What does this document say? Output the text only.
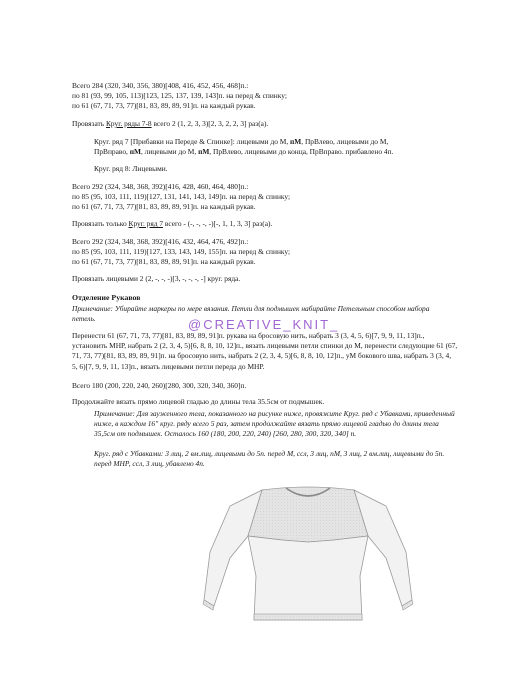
Всего 284 (320, 340, 356, 380)[408, 416, 452, 456, 468]п.:

по 81 (93, 99, 105, 113)[123, 125, 137, 139, 143]п. на перед & спинку;

по 61 (67, 71, 73, 77)[81, 83, 89, 89, 91]п. на каждый рукав.

Провязать Круг. ряды 7-8 всего 2 (1, 2, 3, 3)[2, 3, 2, 2, 3] раз(а).

Круг. ряд 7 [Прибавки на Переде & Спинке]: лицевыми до М, пМ, ПрВлево, лицевыми до М,
ПрВправо, пМ, лицевыми до М, пМ, ПрВлево, лицевыми до конца, ПрВправо. прибавлено 4п.

Круг. ряд 8: Лицевыми.

Всего 292 (324, 348, 368, 392)[416, 428, 460, 464, 480]п.:

по 85 (95, 103, 111, 119)[127, 131, 141, 143, 149]п. на перед & спинку;

по 61 (67, 71, 73, 77)[81, 83, 89, 89, 91]п. на каждый рукав.

Провязать только Круг. ряд 7 всего - (-, -, -, -)[-, 1, 1, 3, 3] раз(а).

Всего 292 (324, 348, 368, 392)[416, 432, 464, 476, 492]п.:

по 85 (95, 103, 111, 119)[127, 133, 143, 149, 155]п. на перед & спинку;

по 61 (67, 71, 73, 77)[81, 83, 89, 89, 91]п. на каждый рукав.

Провязать лицевыми 2 (2, -, -, -)[3, -, -, -, -] круг. ряда.

Отделение Рукавов

Примечание: Убирайте маркеры по мере вязания. Петли для подмышек набирайте Петельным способом набора петель.	@CREATIVE_KNIT_

Перенести 61 (67, 71, 73, 77)[81, 83, 89, 89, 91]п. рукава на бросовую нить, набрать 3 (3, 4, 5, 6)[7, 9, 9, 11, 13]п., установить МНР, набрать 2 (2, 3, 4, 5)[6, 8, 8, 10, 12]п., вязать лицевыми петли спинки до М, перенести следующие 61 (67, 71, 73, 77)[81, 83, 89, 89, 91]п. на бросовую нить, набрать 2 (2, 3, 4, 5)[6, 8, 8, 10, 12]п., уМ бокового шва, набрать 3 (3, 4, 5, 6)[7, 9, 9, 11, 13]п., вязать лицевыми петли переда до МНР.

Всего 180 (200, 220, 240, 260)[280, 300, 320, 340, 360]п.

Продолжайте вязать прямо лицевой гладью до длины тела 35.5см от подмышек.

Примечание: Для зауженного тела, показанного на рисунке ниже, провяжите Круг. ряд с Убавками, приведенный ниже, в каждом 16" круг. ряду всего 5 раз, затем продолжайте вязать прямо лицевой гладью до длины тела 35,5см от подмышек. Осталось 160 (180, 200, 220, 240) [260, 280, 300, 320, 340] п.

Круг. ряд с Убавками: 3 лиц, 2 вм.лиц, лицевыми до 5п. перед М, ссл, 3 лиц, пМ, 3 лиц, 2 вм.лиц, лицевыми до 5п. перед МНР, ссл, 3 лиц, убавлено 4п.
